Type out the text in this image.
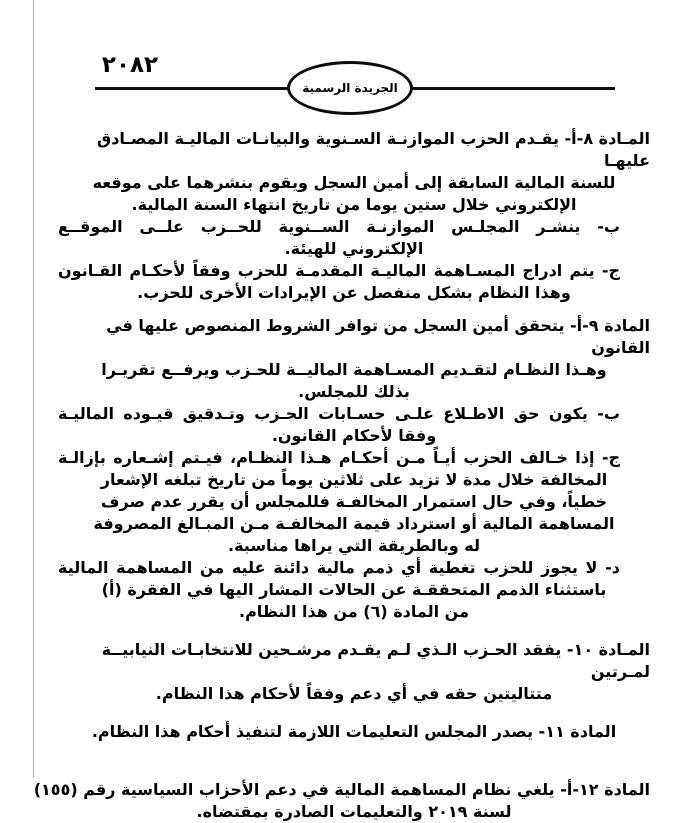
٢٠٨٢
الجريدة الرسمية
المـادة ٨-أ- يقـدم الحزب الموازنـة السـنوية والبيانـات الماليـة المصـادق عليهـا
للسنة المالية السابقة إلى أمين السجل ويقوم بنشرهما على موقعه
الإلكتروني خلال ستين يوما من تاريخ انتهاء السنة المالية.
ب- ينشـر المجلـس الموازنـة الســنوية للحــزب علــى الموقــع
الإلكتروني للهيئة.
ج- يتم ادراج المسـاهمة الماليـة المقدمـة للحزب وفقاً لأحكـام القـانون
وهذا النظام بشكل منفصل عن الإيرادات الأخرى للحزب.
المادة ٩-أ- يتحقق أمين السجل من توافر الشروط المنصوص عليها في القانون
وهـذا النظـام لتقـديم المسـاهمة الماليــة للحـزب ويرفــع تقريـرا
بذلك للمجلس.
ب- يكون حق الاطـلاع علـى حسـابات الحـزب وتـدقيق قيـوده الماليـة
وفقا لأحكام القانون.
ج- إذا خـالف الحزب أيـاً مـن أحكـام هـذا النظـام، فيـتم إشـعاره بإزالـة
المخالفة خلال مدة لا تزيد على ثلاثين يوماً من تاريخ تبلغه الإشعار
خطياً، وفي حال استمرار المخالفـة فللمجلس أن يقرر عدم صرف
المساهمة المالية أو استرداد قيمة المخالفـة مـن المبـالغ المصروفة
له وبالطريقة التي يراها مناسبة.
د- لا يجوز للحزب تغطية أي ذمم مالية دائنة عليه من المساهمة المالية
باستثناء الذمم المتحققـة عن الحالات المشار اليها في الفقرة (أ)
من المادة (٦) من هذا النظام.
المـادة ١٠- يفقد الحـزب الـذي لـم يقـدم مرشـحين للانتخابـات النيابيــة لمـرتين
متتاليتين حقه في أي دعم وفقاً لأحكام هذا النظام.
المادة ١١- يصدر المجلس التعليمات اللازمة لتنفيذ أحكام هذا النظام.
المادة ١٢-أ- يلغي نظام المساهمة المالية في دعم الأحزاب السياسية رقم (١٥٥)
لسنة ٢٠١٩ والتعليمات الصادرة بمقتضاه.
